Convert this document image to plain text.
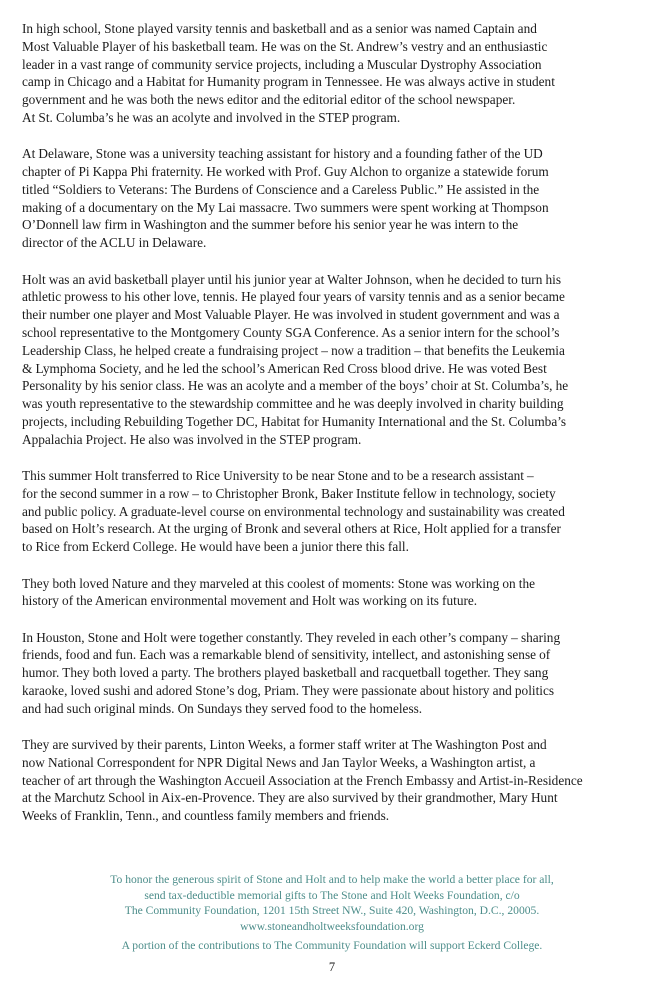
In high school, Stone played varsity tennis and basketball and as a senior was named Captain and
Most Valuable Player of his basketball team. He was on the St. Andrew’s vestry and an enthusiastic
leader in a vast range of community service projects, including a Muscular Dystrophy Association
camp in Chicago and a Habitat for Humanity program in Tennessee. He was always active in student
government and he was both the news editor and the editorial editor of the school newspaper.
At St. Columba’s he was an acolyte and involved in the STEP program.

At Delaware, Stone was a university teaching assistant for history and a founding father of the UD
chapter of Pi Kappa Phi fraternity. He worked with Prof. Guy Alchon to organize a statewide forum
titled “Soldiers to Veterans: The Burdens of Conscience and a Careless Public.” He assisted in the
making of a documentary on the My Lai massacre. Two summers were spent working at Thompson
O’Donnell law firm in Washington and the summer before his senior year he was intern to the
director of the ACLU in Delaware.

Holt was an avid basketball player until his junior year at Walter Johnson, when he decided to turn his
athletic prowess to his other love, tennis. He played four years of varsity tennis and as a senior became
their number one player and Most Valuable Player. He was involved in student government and was a
school representative to the Montgomery County SGA Conference. As a senior intern for the school’s
Leadership Class, he helped create a fundraising project – now a tradition – that benefits the Leukemia
& Lymphoma Society, and he led the school’s American Red Cross blood drive. He was voted Best
Personality by his senior class. He was an acolyte and a member of the boys’ choir at St. Columba’s, he
was youth representative to the stewardship committee and he was deeply involved in charity building
projects, including Rebuilding Together DC, Habitat for Humanity International and the St. Columba’s
Appalachia Project. He also was involved in the STEP program.

This summer Holt transferred to Rice University to be near Stone and to be a research assistant –
for the second summer in a row – to Christopher Bronk, Baker Institute fellow in technology, society
and public policy. A graduate-level course on environmental technology and sustainability was created
based on Holt’s research. At the urging of Bronk and several others at Rice, Holt applied for a transfer
to Rice from Eckerd College. He would have been a junior there this fall.

They both loved Nature and they marveled at this coolest of moments: Stone was working on the
history of the American environmental movement and Holt was working on its future.

In Houston, Stone and Holt were together constantly. They reveled in each other’s company – sharing
friends, food and fun. Each was a remarkable blend of sensitivity, intellect, and astonishing sense of
humor. They both loved a party. The brothers played basketball and racquetball together. They sang
karaoke, loved sushi and adored Stone’s dog, Priam. They were passionate about history and politics
and had such original minds. On Sundays they served food to the homeless.

They are survived by their parents, Linton Weeks, a former staff writer at The Washington Post and
now National Correspondent for NPR Digital News and Jan Taylor Weeks, a Washington artist, a
teacher of art through the Washington Accueil Association at the French Embassy and Artist-in-Residence
at the Marchutz School in Aix-en-Provence. They are also survived by their grandmother, Mary Hunt
Weeks of Franklin, Tenn., and countless family members and friends.

To honor the generous spirit of Stone and Holt and to help make the world a better place for all,
send tax-deductible memorial gifts to The Stone and Holt Weeks Foundation, c/o
The Community Foundation, 1201 15th Street NW., Suite 420, Washington, D.C., 20005.
www.stoneandholtweeksfoundation.org
A portion of the contributions to The Community Foundation will support Eckerd College.
7
